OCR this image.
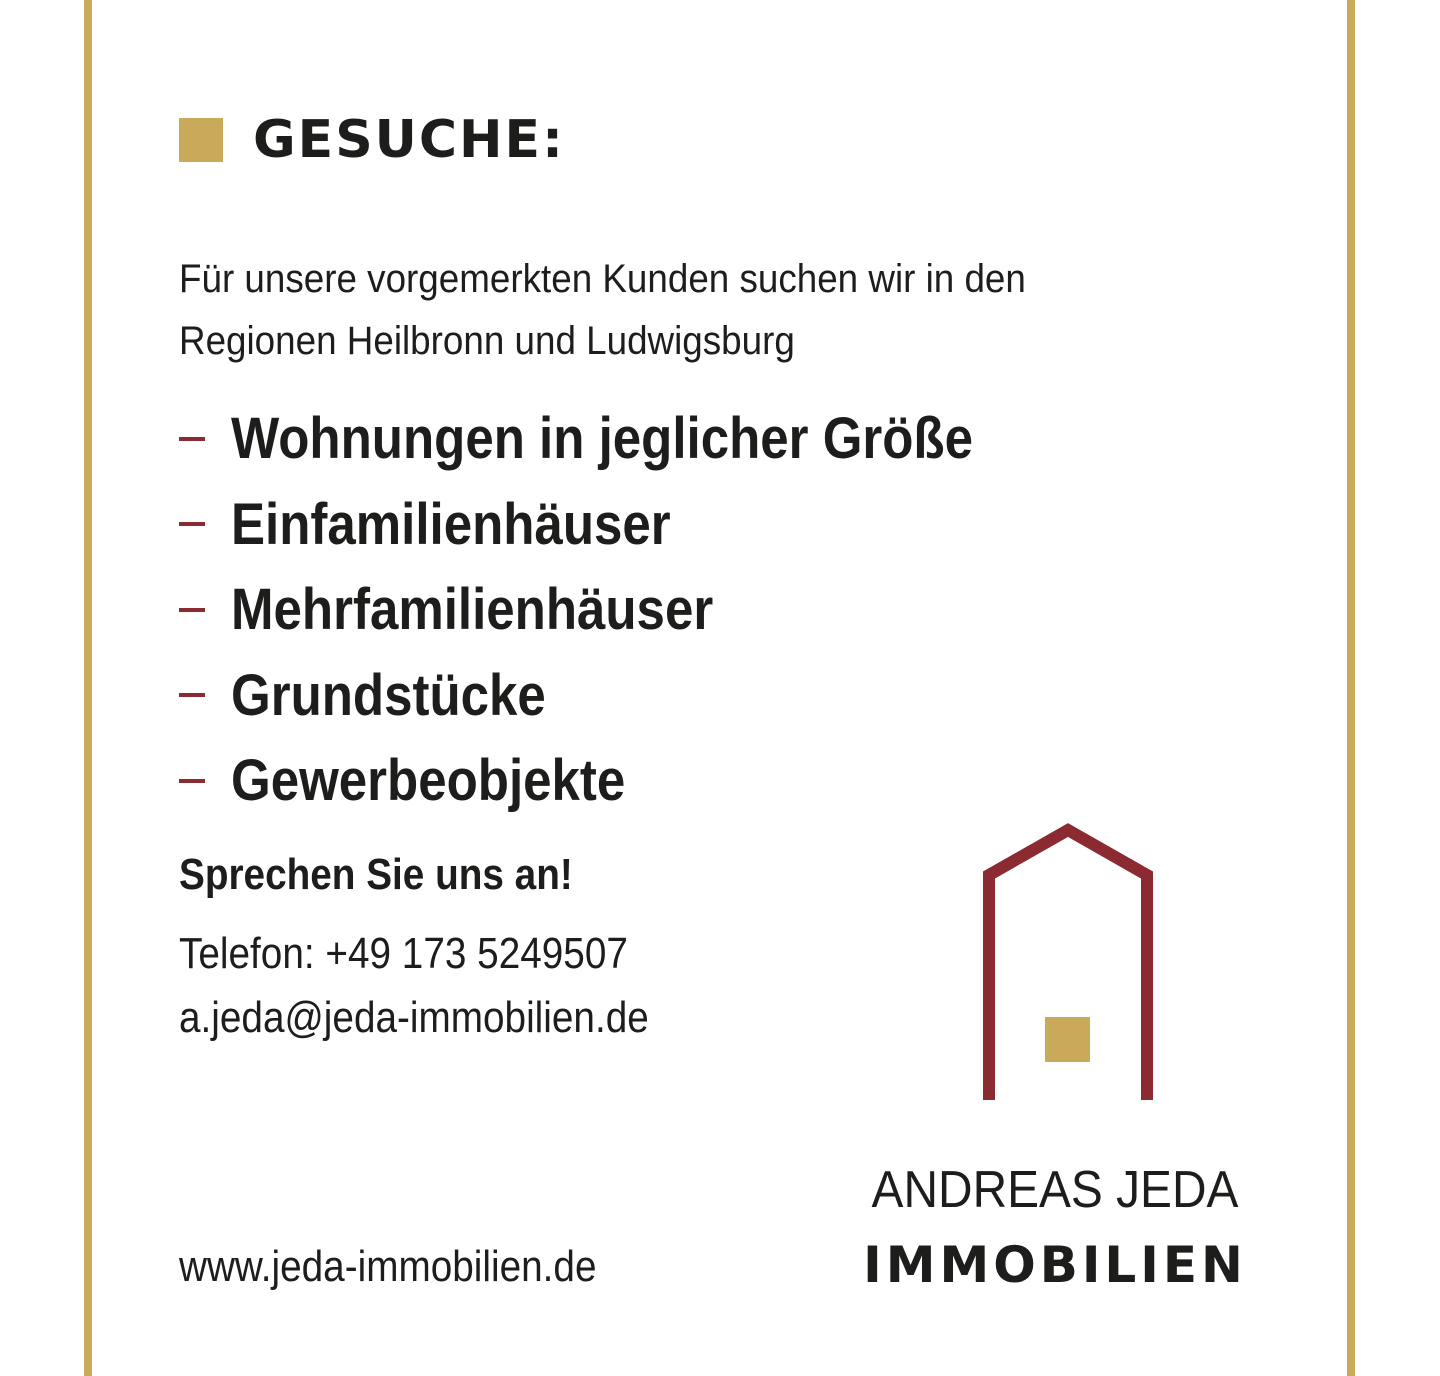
GESUCHE:
Für unsere vorgemerkten Kunden suchen wir in den
Regionen Heilbronn und Ludwigsburg
Wohnungen in jeglicher Größe
Einfamilienhäuser
Mehrfamilienhäuser
Grundstücke
Gewerbeobjekte
Sprechen Sie uns an!
Telefon: +49 173 5249507
a.jeda@jeda-immobilien.de
www.jeda-immobilien.de
ANDREAS JEDA
IMMOBILIEN
